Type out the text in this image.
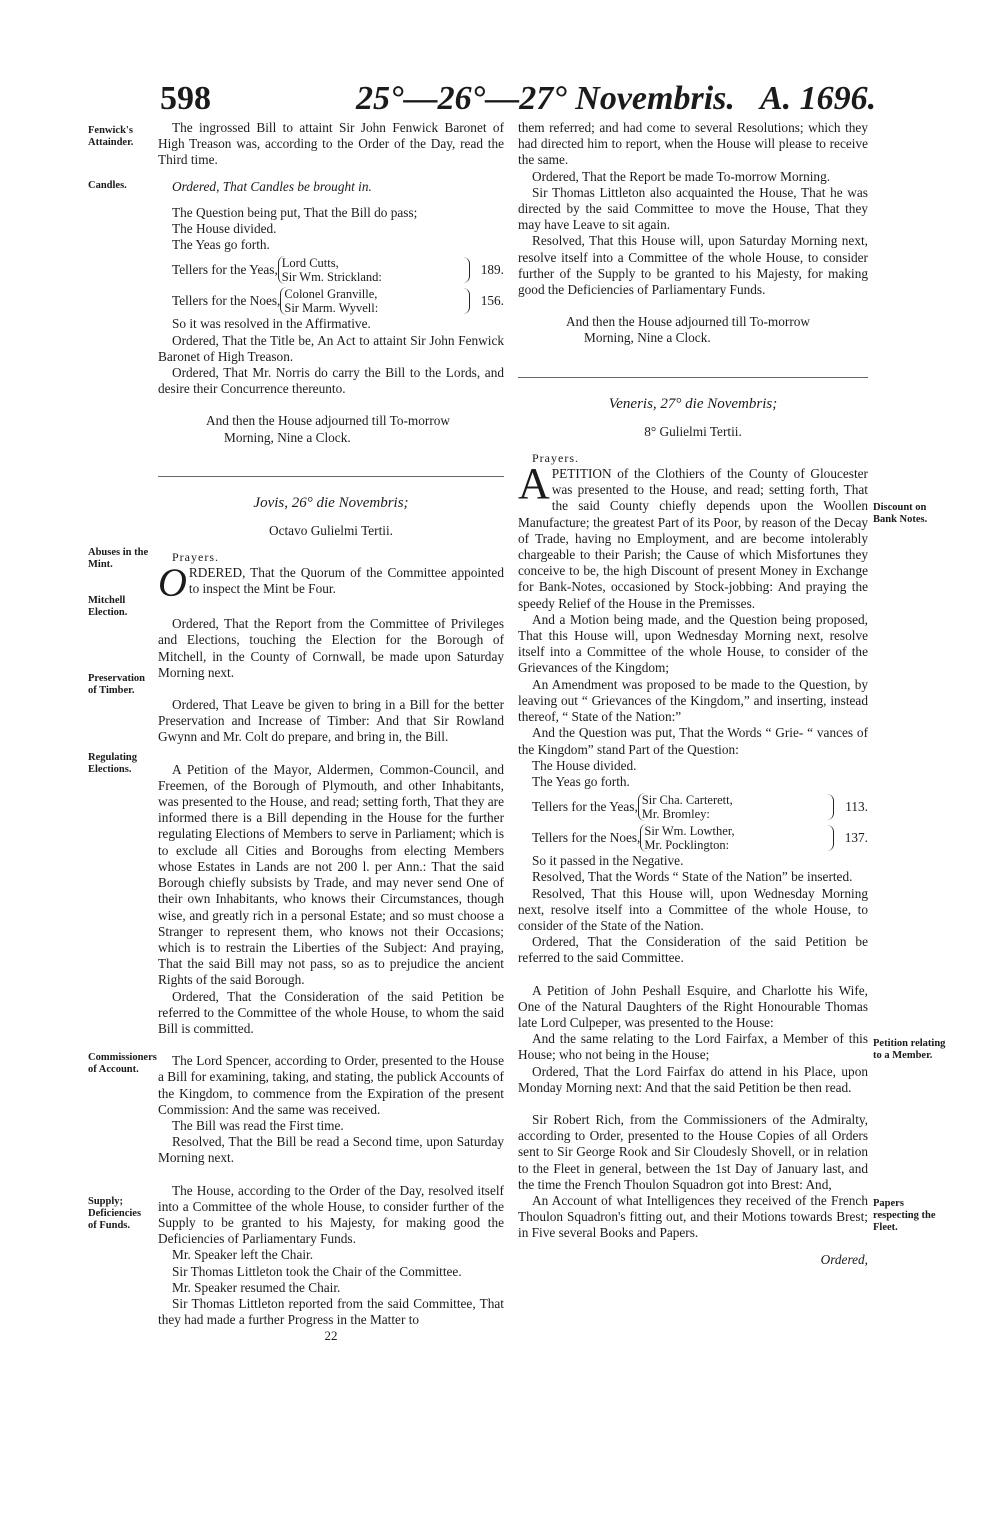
598	25°—26°—27° Novembris. A. 1696.
Fenwick's Attainder.
Candles.
Abuses in the Mint.
Mitchell Election.
Preservation of Timber.
Regulating Elections.
Commissioners of Account.
Supply; Deficiencies of Funds.
Discount on Bank Notes.
Petition relating to a Member.
Papers respecting the Fleet.

The ingrossed Bill to attaint Sir John Fenwick Baronet of High Treason was, according to the Order of the Day, read the Third time.

Ordered, That Candles be brought in.

The Question being put, That the Bill do pass;

The House divided.

The Yeas go forth.

Tellers for the Yeas, Lord Cutts,
Sir Wm. Strickland:
189.
Tellers for the Noes, Colonel Granville,
Sir Marm. Wyvell:
156.

So it was resolved in the Affirmative.

Ordered, That the Title be, An Act to attaint Sir John Fenwick Baronet of High Treason.

Ordered, That Mr. Norris do carry the Bill to the Lords, and desire their Concurrence thereunto.

And then the House adjourned till To-morrow

Morning, Nine a Clock.

Jovis, 26° die Novembris;

Octavo Gulielmi Tertii.

Prayers.

ORDERED, That the Quorum of the Committee appointed to inspect the Mint be Four.

Ordered, That the Report from the Committee of Privileges and Elections, touching the Election for the Borough of Mitchell, in the County of Cornwall, be made upon Saturday Morning next.

Ordered, That Leave be given to bring in a Bill for the better Preservation and Increase of Timber: And that Sir Rowland Gwynn and Mr. Colt do prepare, and bring in, the Bill.

A Petition of the Mayor, Aldermen, Common-Council, and Freemen, of the Borough of Plymouth, and other Inhabitants, was presented to the House, and read; setting forth, That they are informed there is a Bill depending in the House for the further regulating Elections of Members to serve in Parliament; which is to exclude all Cities and Boroughs from electing Members whose Estates in Lands are not 200 l. per Ann.: That the said Borough chiefly subsists by Trade, and may never send One of their own Inhabitants, who knows their Circumstances, though wise, and greatly rich in a personal Estate; and so must choose a Stranger to represent them, who knows not their Occasions; which is to restrain the Liberties of the Subject: And praying, That the said Bill may not pass, so as to prejudice the ancient Rights of the said Borough.

Ordered, That the Consideration of the said Petition be referred to the Committee of the whole House, to whom the said Bill is committed.

The Lord Spencer, according to Order, presented to the House a Bill for examining, taking, and stating, the publick Accounts of the Kingdom, to commence from the Expiration of the present Commission: And the same was received.

The Bill was read the First time.

Resolved, That the Bill be read a Second time, upon Saturday Morning next.

The House, according to the Order of the Day, resolved itself into a Committee of the whole House, to consider further of the Supply to be granted to his Majesty, for making good the Deficiencies of Parliamentary Funds.

Mr. Speaker left the Chair.

Sir Thomas Littleton took the Chair of the Committee.

Mr. Speaker resumed the Chair.

Sir Thomas Littleton reported from the said Committee, That they had made a further Progress in the Matter to

22

them referred; and had come to several Resolutions; which they had directed him to report, when the House will please to receive the same.

Ordered, That the Report be made To-morrow Morning.

Sir Thomas Littleton also acquainted the House, That he was directed by the said Committee to move the House, That they may have Leave to sit again.

Resolved, That this House will, upon Saturday Morning next, resolve itself into a Committee of the whole House, to consider further of the Supply to be granted to his Majesty, for making good the Deficiencies of Parliamentary Funds.

And then the House adjourned till To-morrow

Morning, Nine a Clock.

Veneris, 27° die Novembris;

8° Gulielmi Tertii.

Prayers.

APETITION of the Clothiers of the County of Gloucester was presented to the House, and read; setting forth, That the said County chiefly depends upon the Woollen Manufacture; the greatest Part of its Poor, by reason of the Decay of Trade, having no Employment, and are become intolerably chargeable to their Parish; the Cause of which Misfortunes they conceive to be, the high Discount of present Money in Exchange for Bank-Notes, occasioned by Stock-jobbing: And praying the speedy Relief of the House in the Premisses.

And a Motion being made, and the Question being proposed, That this House will, upon Wednesday Morning next, resolve itself into a Committee of the whole House, to consider of the Grievances of the Kingdom;

An Amendment was proposed to be made to the Question, by leaving out “ Grievances of the Kingdom,” and inserting, instead thereof, “ State of the Nation:”

And the Question was put, That the Words “ Grie- “ vances of the Kingdom” stand Part of the Question:

The House divided.

The Yeas go forth.

Tellers for the Yeas, Sir Cha. Carterett,
Mr. Bromley:
113.
Tellers for the Noes, Sir Wm. Lowther,
Mr. Pocklington:
137.

So it passed in the Negative.

Resolved, That the Words “ State of the Nation” be inserted.

Resolved, That this House will, upon Wednesday Morning next, resolve itself into a Committee of the whole House, to consider of the State of the Nation.

Ordered, That the Consideration of the said Petition be referred to the said Committee.

A Petition of John Peshall Esquire, and Charlotte his Wife, One of the Natural Daughters of the Right Honourable Thomas late Lord Culpeper, was presented to the House:

And the same relating to the Lord Fairfax, a Member of this House; who not being in the House;

Ordered, That the Lord Fairfax do attend in his Place, upon Monday Morning next: And that the said Petition be then read.

Sir Robert Rich, from the Commissioners of the Admiralty, according to Order, presented to the House Copies of all Orders sent to Sir George Rook and Sir Cloudesly Shovell, or in relation to the Fleet in general, between the 1st Day of January last, and the time the French Thoulon Squadron got into Brest: And,

An Account of what Intelligences they received of the French Thoulon Squadron's fitting out, and their Motions towards Brest; in Five several Books and Papers.

Ordered,
